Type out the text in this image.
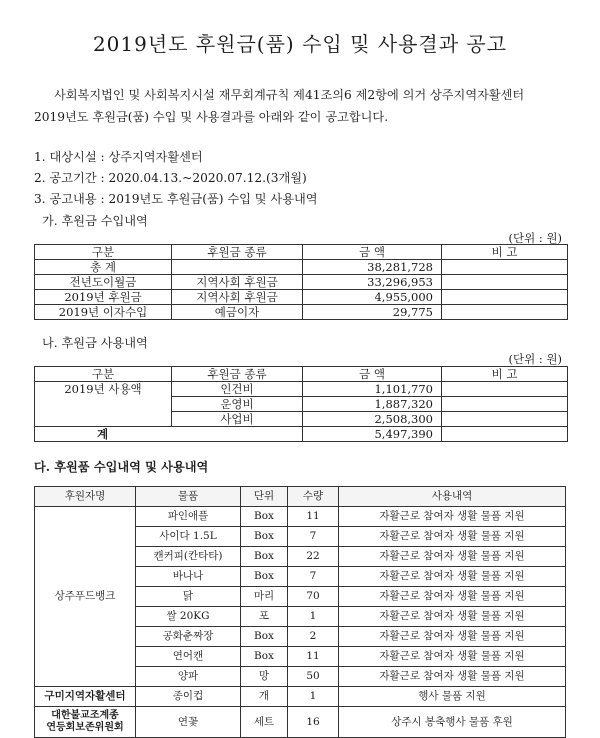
2019년도 후원금(품) 수입 및 사용결과 공고
사회복지법인 및 사회복지시설 재무회계규칙 제41조의6 제2항에 의거 상주지역자활센터
2019년도 후원금(품) 수입 및 사용결과를 아래와 같이 공고합니다.
1. 대상시설 : 상주지역자활센터
2. 공고기간 : 2020.04.13.~2020.07.12.(3개월)
3. 공고내용 : 2019년도 후원금(품) 수입 및 사용내역
가. 후원금 수입내역
(단위 : 원)
구분	후원금 종류	금 액	비 고
총 계		38,281,728	
전년도이월금	지역사회 후원금	33,296,953	
2019년 후원금	지역사회 후원금	4,955,000	
2019년 이자수입	예금이자	29,775	
나. 후원금 사용내역
(단위 : 원)
구분	후원금 종류	금 액	비 고
2019년 사용액	인건비	1,101,770	
	운영비	1,887,320	
	사업비	2,508,300	
계		5,497,390	
다. 후원품 수입내역 및 사용내역
후원자명	물품	단위	수량	사용내역
상주푸드뱅크	파인애플	Box	11	자활근로 참여자 생활 물품 지원
	사이다 1.5L	Box	7	자활근로 참여자 생활 물품 지원
	캔커피(칸타타)	Box	22	자활근로 참여자 생활 물품 지원
	바나나	Box	7	자활근로 참여자 생활 물품 지원
	닭	마리	70	자활근로 참여자 생활 물품 지원
	쌀 20KG	포	1	자활근로 참여자 생활 물품 지원
	공화춘짜장	Box	2	자활근로 참여자 생활 물품 지원
	연어캔	Box	11	자활근로 참여자 생활 물품 지원
	양파	망	50	자활근로 참여자 생활 물품 지원
구미지역자활센터	종이컵	개	1	행사 물품 지원

대한불교조계종
연등회보존위원회	연꽃	세트	16	상주시 봉축행사 물품 후원
